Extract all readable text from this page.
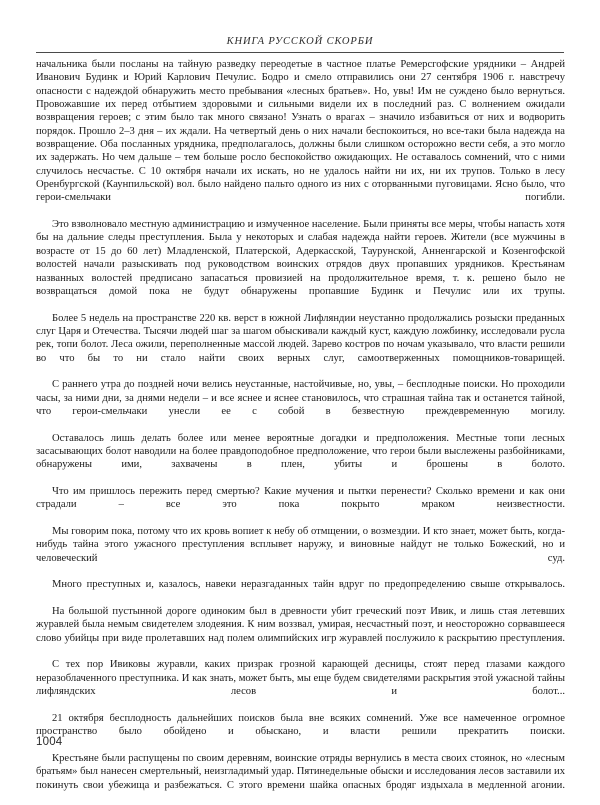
КНИГА РУССКОЙ СКОРБИ

начальника были посланы на тайную разведку переодетые в частное платье Ремерсгофские урядники – Андрей Иванович Будинк и Юрий Карлович Печулис. Бодро и смело отправились они 27 сентября 1906 г. навстречу опасности с надеждой обнаружить место пребывания «лесных братьев». Но, увы! Им не суждено было вернуться. Провожавшие их перед отбытием здоровыми и сильными видели их в последний раз. С волнением ожидали возвращения героев; с этим было так много связано! Узнать о врагах – значило избавиться от них и водворить порядок. Прошло 2–3 дня – их ждали. На четвертый день о них начали беспокоиться, но все-таки была надежда на возвращение. Оба посланных урядника, предполагалось, должны были слишком осторожно вести себя, а это могло их задержать. Но чем дальше – тем больше росло беспокойство ожидающих. Не оставалось сомнений, что с ними случилось несчастье. С 10 октября начали их искать, но не удалось найти ни их, ни их трупов. Только в лесу Оренбургской (Каунпильской) вол. было найдено пальто одного из них с оторванными пуговицами. Ясно было, что герои-смельчаки погибли.

Это взволновало местную администрацию и измученное население. Были приняты все меры, чтобы напасть хотя бы на дальние следы преступления. Была у некоторых и слабая надежда найти героев. Жители (все мужчины в возрасте от 15 до 60 лет) Младленской, Платерской, Адеркасской, Таурунской, Анненгарской и Козенгофской волостей начали разыскивать под руководством воинских отрядов двух пропавших урядников. Крестьянам названных волостей предписано запасаться провизией на продолжительное время, т. к. решено было не возвращаться домой пока не будут обнаружены пропавшие Будинк и Печулис или их трупы.

Более 5 недель на пространстве 220 кв. верст в южной Лифляндии неустанно продолжались розыски преданных слуг Царя и Отечества. Тысячи людей шаг за шагом обыскивали каждый куст, каждую ложбинку, исследовали русла рек, топи болот. Леса ожили, переполненные массой людей. Зарево костров по ночам указывало, что власти решили во что бы то ни стало найти своих верных слуг, самоотверженных помощников-товарищей.

С раннего утра до поздней ночи велись неустанные, настойчивые, но, увы, – бесплодные поиски. Но проходили часы, за ними дни, за днями недели – и все яснее и яснее становилось, что страшная тайна так и останется тайной, что герои-смельчаки унесли ее с собой в безвестную преждевременную могилу.

Оставалось лишь делать более или менее вероятные догадки и предположения. Местные топи лесных засасывающих болот наводили на более правдоподобное предположение, что герои были выслежены разбойниками, обнаружены ими, захвачены в плен, убиты и брошены в болото.

Что им пришлось пережить перед смертью? Какие мучения и пытки перенести? Сколько времени и как они страдали – все это пока покрыто мраком неизвестности.

Мы говорим пока, потому что их кровь вопиет к небу об отмщении, о возмездии. И кто знает, может быть, когда-нибудь тайна этого ужасного преступления всплывет наружу, и виновные найдут не только Божеский, но и человеческий суд.

Много преступных и, казалось, навеки неразгаданных тайн вдруг по предопределению свыше открывалось.

На большой пустынной дороге одиноким был в древности убит греческий поэт Ивик, и лишь стая летевших журавлей была немым свидетелем злодеяния. К ним воззвал, умирая, несчастный поэт, и неосторожно сорвавшееся слово убийцы при виде пролетавших над полем олимпийских игр журавлей послужило к раскрытию преступления.

С тех пор Ивиковы журавли, каких призрак грозной карающей десницы, стоят перед глазами каждого неразоблаченного преступника. И как знать, может быть, мы еще будем свидетелями раскрытия этой ужасной тайны лифляндских лесов и болот...

21 октября бесплодность дальнейших поисков была вне всяких сомнений. Уже все намеченное огромное пространство было обойдено и обыскано, и власти решили прекратить поиски.

Крестьяне были распущены по своим деревням, воинские отряды вернулись в места своих стоянок, но «лесным братьям» был нанесен смертельный, неизгладимый удар. Пятинедельные обыски и исследования лесов заставили их покинуть свои убежища и разбежаться. С этого времени шайка опасных бродяг издыхала в медленной агонии.

1004
